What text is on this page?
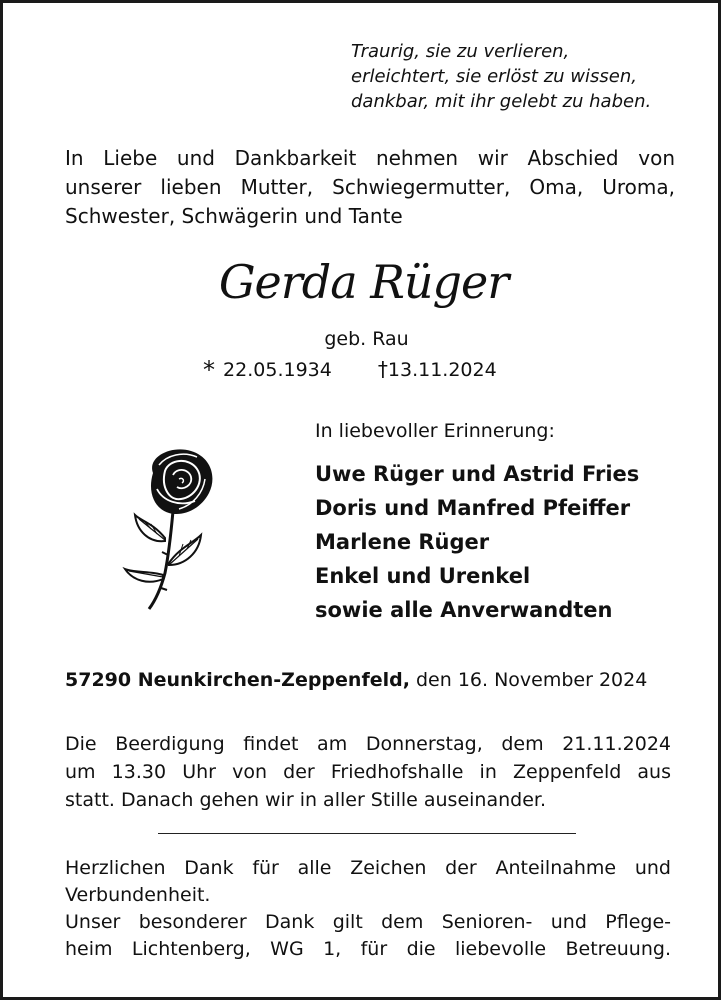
Traurig, sie zu verlieren,
erleichtert, sie erlöst zu wissen,
dankbar, mit ihr gelebt zu haben.
In Liebe und Dankbarkeit nehmen wir Abschied von
unserer lieben Mutter, Schwiegermutter, Oma, Uroma,
Schwester, Schwägerin und Tante
Gerda Rüger
geb. Rau
* 22.05.1934 †13.11.2024
In liebevoller Erinnerung:
Uwe Rüger und Astrid Fries
Doris und Manfred Pfeiffer
Marlene Rüger
Enkel und Urenkel
sowie alle Anverwandten
57290 Neunkirchen-Zeppenfeld, den 16. November 2024
Die Beerdigung findet am Donnerstag, dem 21.11.2024
um 13.30 Uhr von der Friedhofshalle in Zeppenfeld aus
statt. Danach gehen wir in aller Stille auseinander.
Herzlichen Dank für alle Zeichen der Anteilnahme und
Verbundenheit.
Unser besonderer Dank gilt dem Senioren- und Pflege-
heim Lichtenberg, WG 1, für die liebevolle Betreuung.
